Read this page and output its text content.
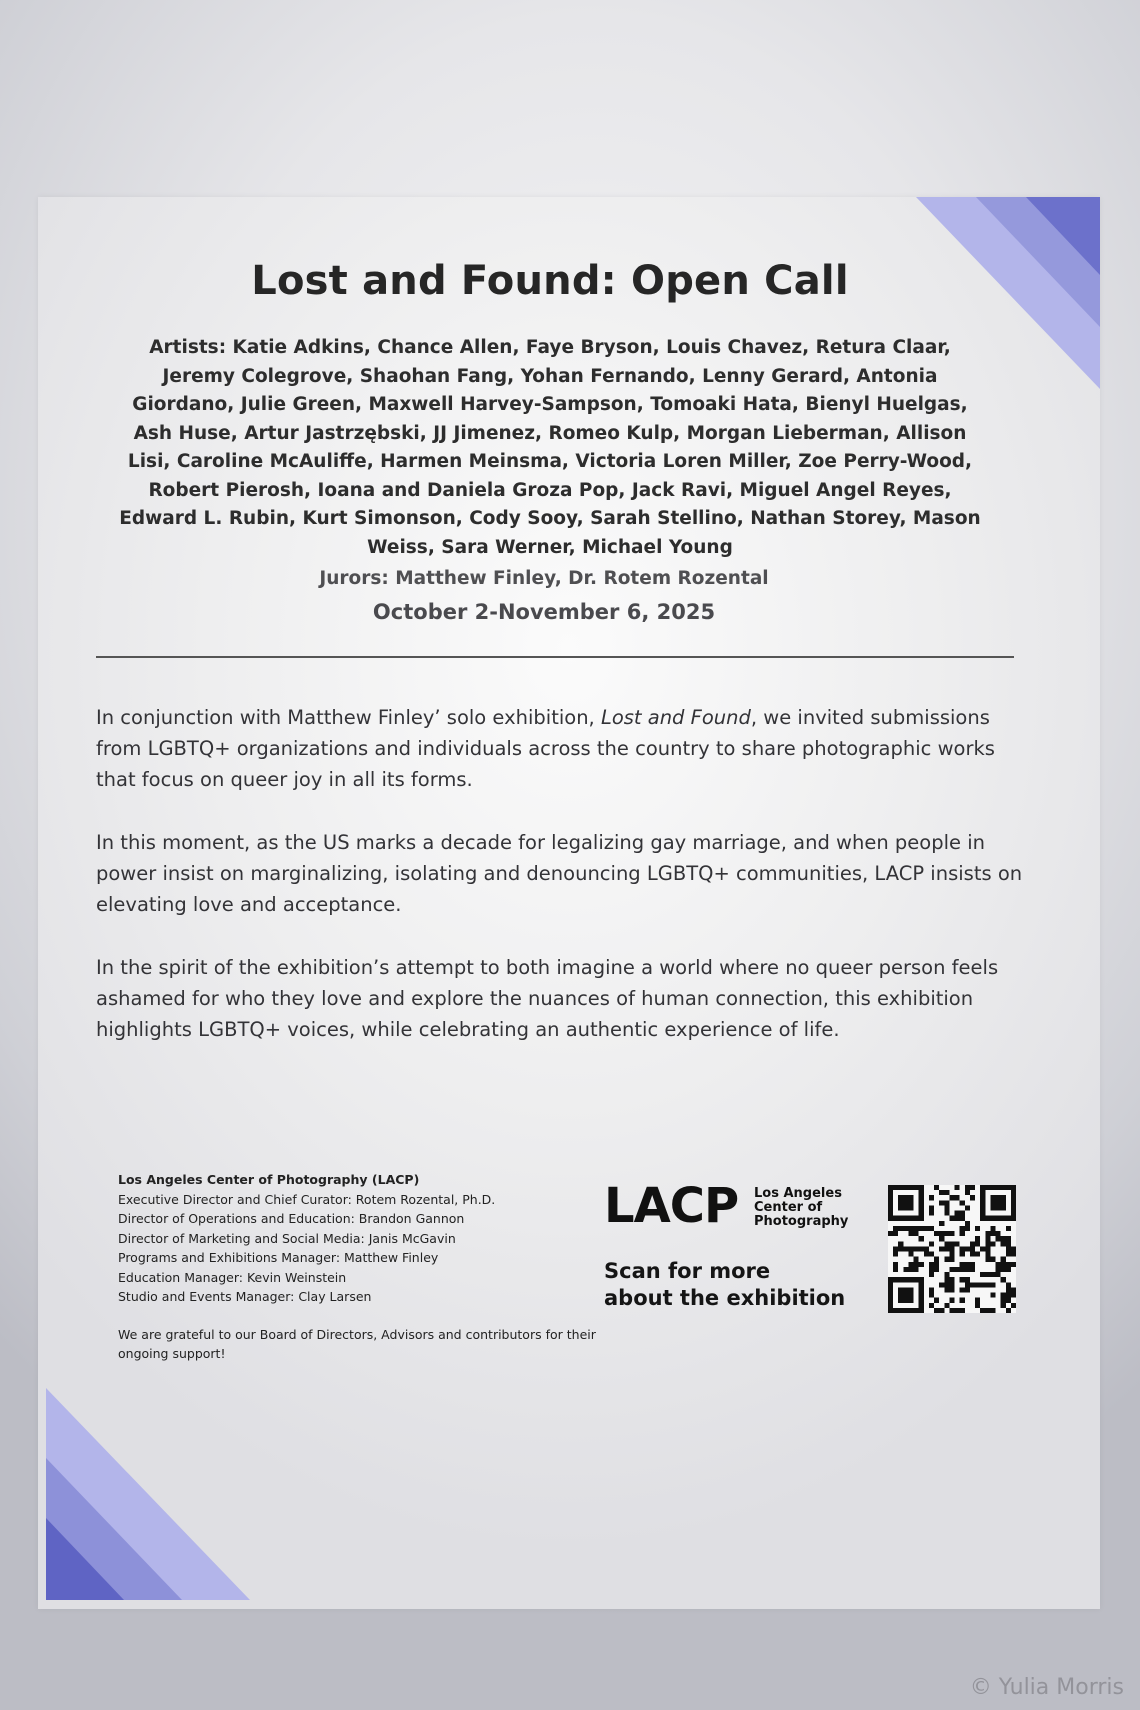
Lost and Found: Open Call
Artists: Katie Adkins, Chance Allen, Faye Bryson, Louis Chavez, Retura Claar, Jeremy Colegrove, Shaohan Fang, Yohan Fernando, Lenny Gerard, Antonia Giordano, Julie Green, Maxwell Harvey-Sampson, Tomoaki Hata, Bienyl Huelgas, Ash Huse, Artur Jastrzębski, JJ Jimenez, Romeo Kulp, Morgan Lieberman, Allison Lisi, Caroline McAuliffe, Harmen Meinsma, Victoria Loren Miller, Zoe Perry-Wood, Robert Pierosh, Ioana and Daniela Groza Pop, Jack Ravi, Miguel Angel Reyes, Edward L. Rubin, Kurt Simonson, Cody Sooy, Sarah Stellino, Nathan Storey, Mason Weiss, Sara Werner, Michael Young
Jurors: Matthew Finley, Dr. Rotem Rozental
October 2-November 6, 2025

In conjunction with Matthew Finley’ solo exhibition, Lost and Found, we invited submissions from LGBTQ+ organizations and individuals across the country to share photographic works that focus on queer joy in all its forms.

In this moment, as the US marks a decade for legalizing gay marriage, and when people in power insist on marginalizing, isolating and denouncing LGBTQ+ communities, LACP insists on elevating love and acceptance.

In the spirit of the exhibition’s attempt to both imagine a world where no queer person feels ashamed for who they love and explore the nuances of human connection, this exhibition highlights LGBTQ+ voices, while celebrating an authentic experience of life.

Los Angeles Center of Photography (LACP)
Executive Director and Chief Curator: Rotem Rozental, Ph.D.
Director of Operations and Education: Brandon Gannon
Director of Marketing and Social Media: Janis McGavin
Programs and Exhibitions Manager: Matthew Finley
Education Manager: Kevin Weinstein
Studio and Events Manager: Clay Larsen
We are grateful to our Board of Directors, Advisors and contributors for their ongoing support!
LACP Los Angeles
Center of
Photography
Scan for more
about the exhibition
© Yulia Morris
